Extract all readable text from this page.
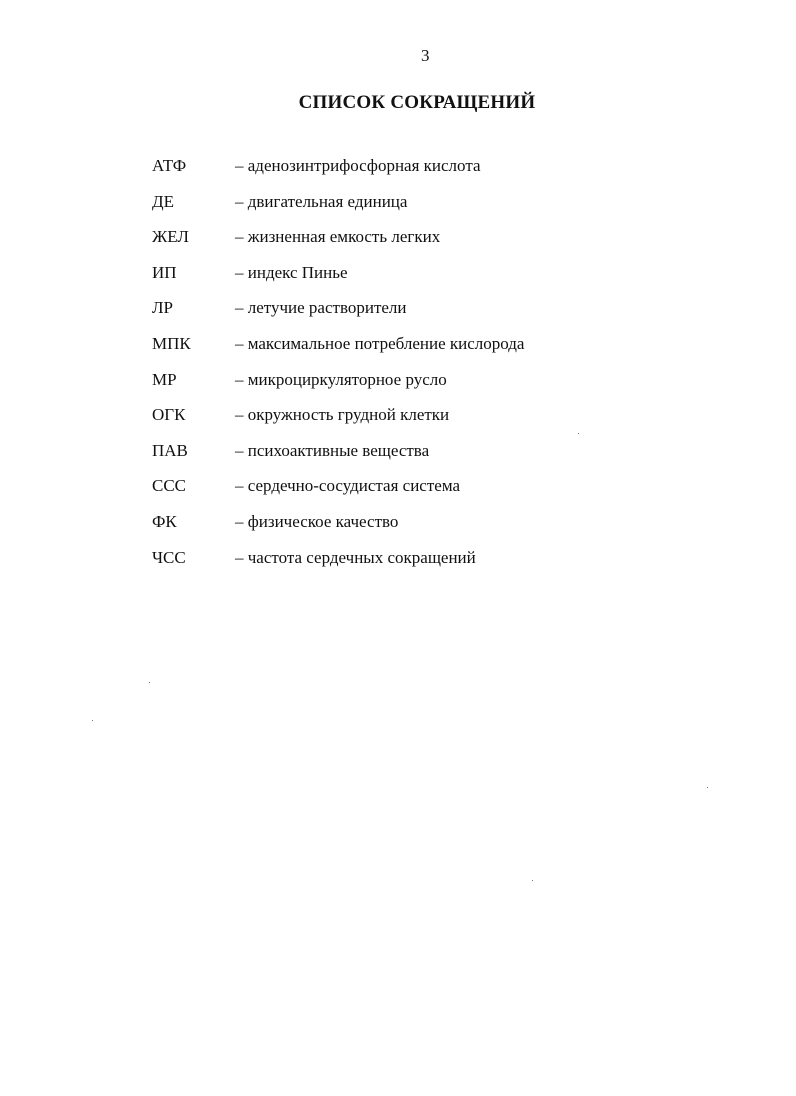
3
СПИСОК СОКРАЩЕНИЙ
АТФ	– аденозинтрифосфорная кислота
ДЕ	– двигательная единица
ЖЕЛ	– жизненная емкость легких
ИП	– индекс Пинье
ЛР	– летучие растворители
МПК	– максимальное потребление кислорода
МР	– микроциркуляторное русло
ОГК	– окружность грудной клетки
ПАВ	– психоактивные вещества
ССС	– сердечно-сосудистая система
ФК	– физическое качество
ЧСС	– частота сердечных сокращений
